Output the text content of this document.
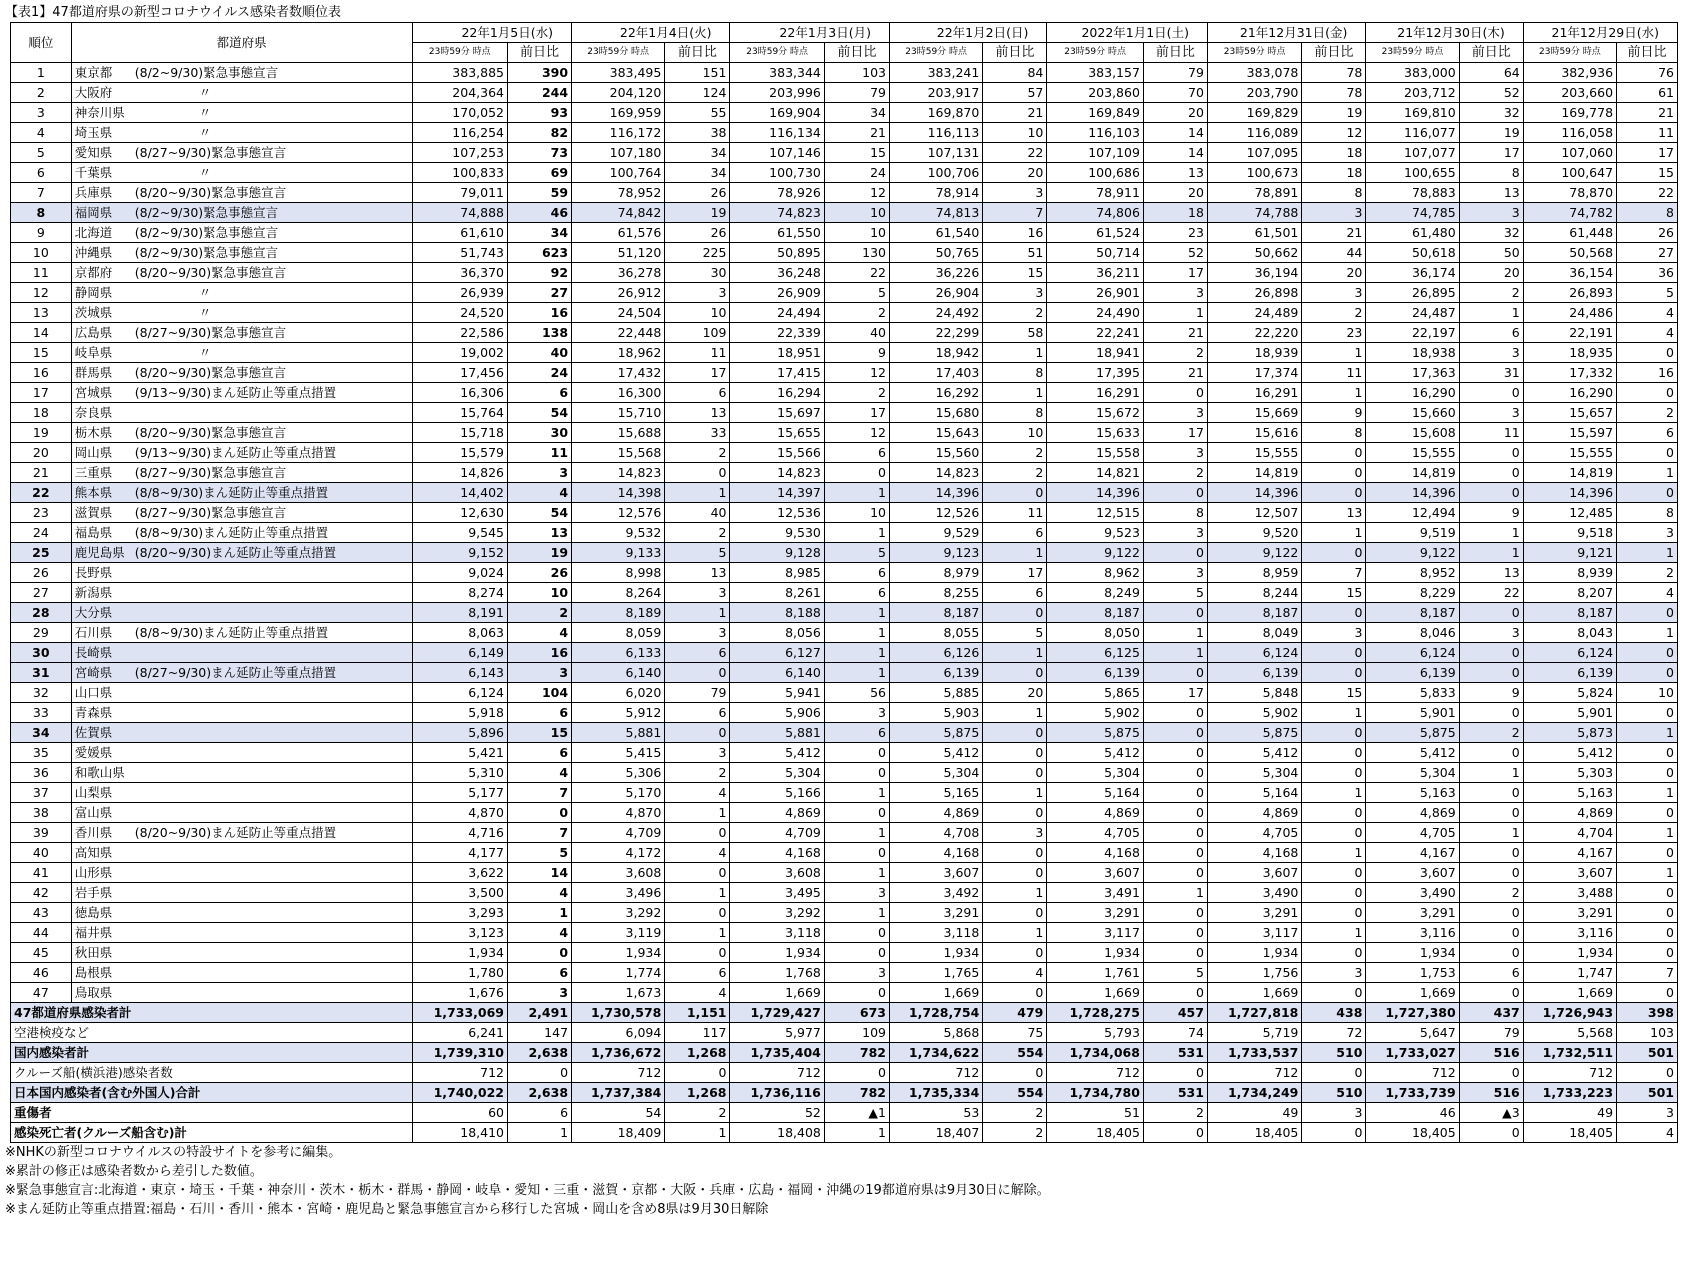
【表1】47都道府県の新型コロナウイルス感染者数順位表
順位	都道府県	22年1月5日(水)		22年1月4日(火)		22年1月3日(月)		22年1月2日(日)		2022年1月1日(土)		21年12月31日(金)		21年12月30日(木)		21年12月29日(水)	
		23時59分 時点	前日比	23時59分 時点	前日比	23時59分 時点	前日比	23時59分 時点	前日比	23時59分 時点	前日比	23時59分 時点	前日比	23時59分 時点	前日比	23時59分 時点	前日比
1	東京都 (8/2~9/30)緊急事態宣言	383,885	390	383,495	151	383,344	103	383,241	84	383,157	79	383,078	78	383,000	64	382,936	76
2	大阪府 〃	204,364	244	204,120	124	203,996	79	203,917	57	203,860	70	203,790	78	203,712	52	203,660	61
3	神奈川県 〃	170,052	93	169,959	55	169,904	34	169,870	21	169,849	20	169,829	19	169,810	32	169,778	21
4	埼玉県 〃	116,254	82	116,172	38	116,134	21	116,113	10	116,103	14	116,089	12	116,077	19	116,058	11
5	愛知県 (8/27~9/30)緊急事態宣言	107,253	73	107,180	34	107,146	15	107,131	22	107,109	14	107,095	18	107,077	17	107,060	17
6	千葉県 〃	100,833	69	100,764	34	100,730	24	100,706	20	100,686	13	100,673	18	100,655	8	100,647	15
7	兵庫県 (8/20~9/30)緊急事態宣言	79,011	59	78,952	26	78,926	12	78,914	3	78,911	20	78,891	8	78,883	13	78,870	22
8	福岡県 (8/2~9/30)緊急事態宣言	74,888	46	74,842	19	74,823	10	74,813	7	74,806	18	74,788	3	74,785	3	74,782	8
9	北海道 (8/2~9/30)緊急事態宣言	61,610	34	61,576	26	61,550	10	61,540	16	61,524	23	61,501	21	61,480	32	61,448	26
10	沖縄県 (8/2~9/30)緊急事態宣言	51,743	623	51,120	225	50,895	130	50,765	51	50,714	52	50,662	44	50,618	50	50,568	27
11	京都府 (8/20~9/30)緊急事態宣言	36,370	92	36,278	30	36,248	22	36,226	15	36,211	17	36,194	20	36,174	20	36,154	36
12	静岡県 〃	26,939	27	26,912	3	26,909	5	26,904	3	26,901	3	26,898	3	26,895	2	26,893	5
13	茨城県 〃	24,520	16	24,504	10	24,494	2	24,492	2	24,490	1	24,489	2	24,487	1	24,486	4
14	広島県 (8/27~9/30)緊急事態宣言	22,586	138	22,448	109	22,339	40	22,299	58	22,241	21	22,220	23	22,197	6	22,191	4
15	岐阜県 〃	19,002	40	18,962	11	18,951	9	18,942	1	18,941	2	18,939	1	18,938	3	18,935	0
16	群馬県 (8/20~9/30)緊急事態宣言	17,456	24	17,432	17	17,415	12	17,403	8	17,395	21	17,374	11	17,363	31	17,332	16
17	宮城県 (9/13~9/30)まん延防止等重点措置	16,306	6	16,300	6	16,294	2	16,292	1	16,291	0	16,291	1	16,290	0	16,290	0
18	奈良県	15,764	54	15,710	13	15,697	17	15,680	8	15,672	3	15,669	9	15,660	3	15,657	2
19	栃木県 (8/20~9/30)緊急事態宣言	15,718	30	15,688	33	15,655	12	15,643	10	15,633	17	15,616	8	15,608	11	15,597	6
20	岡山県 (9/13~9/30)まん延防止等重点措置	15,579	11	15,568	2	15,566	6	15,560	2	15,558	3	15,555	0	15,555	0	15,555	0
21	三重県 (8/27~9/30)緊急事態宣言	14,826	3	14,823	0	14,823	0	14,823	2	14,821	2	14,819	0	14,819	0	14,819	1
22	熊本県 (8/8~9/30)まん延防止等重点措置	14,402	4	14,398	1	14,397	1	14,396	0	14,396	0	14,396	0	14,396	0	14,396	0
23	滋賀県 (8/27~9/30)緊急事態宣言	12,630	54	12,576	40	12,536	10	12,526	11	12,515	8	12,507	13	12,494	9	12,485	8
24	福島県 (8/8~9/30)まん延防止等重点措置	9,545	13	9,532	2	9,530	1	9,529	6	9,523	3	9,520	1	9,519	1	9,518	3
25	鹿児島県 (8/20~9/30)まん延防止等重点措置	9,152	19	9,133	5	9,128	5	9,123	1	9,122	0	9,122	0	9,122	1	9,121	1
26	長野県	9,024	26	8,998	13	8,985	6	8,979	17	8,962	3	8,959	7	8,952	13	8,939	2
27	新潟県	8,274	10	8,264	3	8,261	6	8,255	6	8,249	5	8,244	15	8,229	22	8,207	4
28	大分県	8,191	2	8,189	1	8,188	1	8,187	0	8,187	0	8,187	0	8,187	0	8,187	0
29	石川県 (8/8~9/30)まん延防止等重点措置	8,063	4	8,059	3	8,056	1	8,055	5	8,050	1	8,049	3	8,046	3	8,043	1
30	長崎県	6,149	16	6,133	6	6,127	1	6,126	1	6,125	1	6,124	0	6,124	0	6,124	0
31	宮崎県 (8/27~9/30)まん延防止等重点措置	6,143	3	6,140	0	6,140	1	6,139	0	6,139	0	6,139	0	6,139	0	6,139	0
32	山口県	6,124	104	6,020	79	5,941	56	5,885	20	5,865	17	5,848	15	5,833	9	5,824	10
33	青森県	5,918	6	5,912	6	5,906	3	5,903	1	5,902	0	5,902	1	5,901	0	5,901	0
34	佐賀県	5,896	15	5,881	0	5,881	6	5,875	0	5,875	0	5,875	0	5,875	2	5,873	1
35	愛媛県	5,421	6	5,415	3	5,412	0	5,412	0	5,412	0	5,412	0	5,412	0	5,412	0
36	和歌山県	5,310	4	5,306	2	5,304	0	5,304	0	5,304	0	5,304	0	5,304	1	5,303	0
37	山梨県	5,177	7	5,170	4	5,166	1	5,165	1	5,164	0	5,164	1	5,163	0	5,163	1
38	富山県	4,870	0	4,870	1	4,869	0	4,869	0	4,869	0	4,869	0	4,869	0	4,869	0
39	香川県 (8/20~9/30)まん延防止等重点措置	4,716	7	4,709	0	4,709	1	4,708	3	4,705	0	4,705	0	4,705	1	4,704	1
40	高知県	4,177	5	4,172	4	4,168	0	4,168	0	4,168	0	4,168	1	4,167	0	4,167	0
41	山形県	3,622	14	3,608	0	3,608	1	3,607	0	3,607	0	3,607	0	3,607	0	3,607	1
42	岩手県	3,500	4	3,496	1	3,495	3	3,492	1	3,491	1	3,490	0	3,490	2	3,488	0
43	徳島県	3,293	1	3,292	0	3,292	1	3,291	0	3,291	0	3,291	0	3,291	0	3,291	0
44	福井県	3,123	4	3,119	1	3,118	0	3,118	1	3,117	0	3,117	1	3,116	0	3,116	0
45	秋田県	1,934	0	1,934	0	1,934	0	1,934	0	1,934	0	1,934	0	1,934	0	1,934	0
46	島根県	1,780	6	1,774	6	1,768	3	1,765	4	1,761	5	1,756	3	1,753	6	1,747	7
47	鳥取県	1,676	3	1,673	4	1,669	0	1,669	0	1,669	0	1,669	0	1,669	0	1,669	0
47都道府県感染者計		1,733,069	2,491	1,730,578	1,151	1,729,427	673	1,728,754	479	1,728,275	457	1,727,818	438	1,727,380	437	1,726,943	398
空港検疫など		6,241	147	6,094	117	5,977	109	5,868	75	5,793	74	5,719	72	5,647	79	5,568	103
国内感染者計		1,739,310	2,638	1,736,672	1,268	1,735,404	782	1,734,622	554	1,734,068	531	1,733,537	510	1,733,027	516	1,732,511	501
クルーズ船(横浜港)感染者数		712	0	712	0	712	0	712	0	712	0	712	0	712	0	712	0
日本国内感染者(含む外国人)合計		1,740,022	2,638	1,737,384	1,268	1,736,116	782	1,735,334	554	1,734,780	531	1,734,249	510	1,733,739	516	1,733,223	501
重傷者		60	6	54	2	52	▲1	53	2	51	2	49	3	46	▲3	49	3
感染死亡者(クルーズ船含む)計		18,410	1	18,409	1	18,408	1	18,407	2	18,405	0	18,405	0	18,405	0	18,405	4
※NHKの新型コロナウイルスの特設サイトを参考に編集。
※累計の修正は感染者数から差引した数値。
※緊急事態宣言:北海道・東京・埼玉・千葉・神奈川・茨木・栃木・群馬・静岡・岐阜・愛知・三重・滋賀・京都・大阪・兵庫・広島・福岡・沖縄の19都道府県は9月30日に解除。
※まん延防止等重点措置:福島・石川・香川・熊本・宮崎・鹿児島と緊急事態宣言から移行した宮城・岡山を含め8県は9月30日解除
